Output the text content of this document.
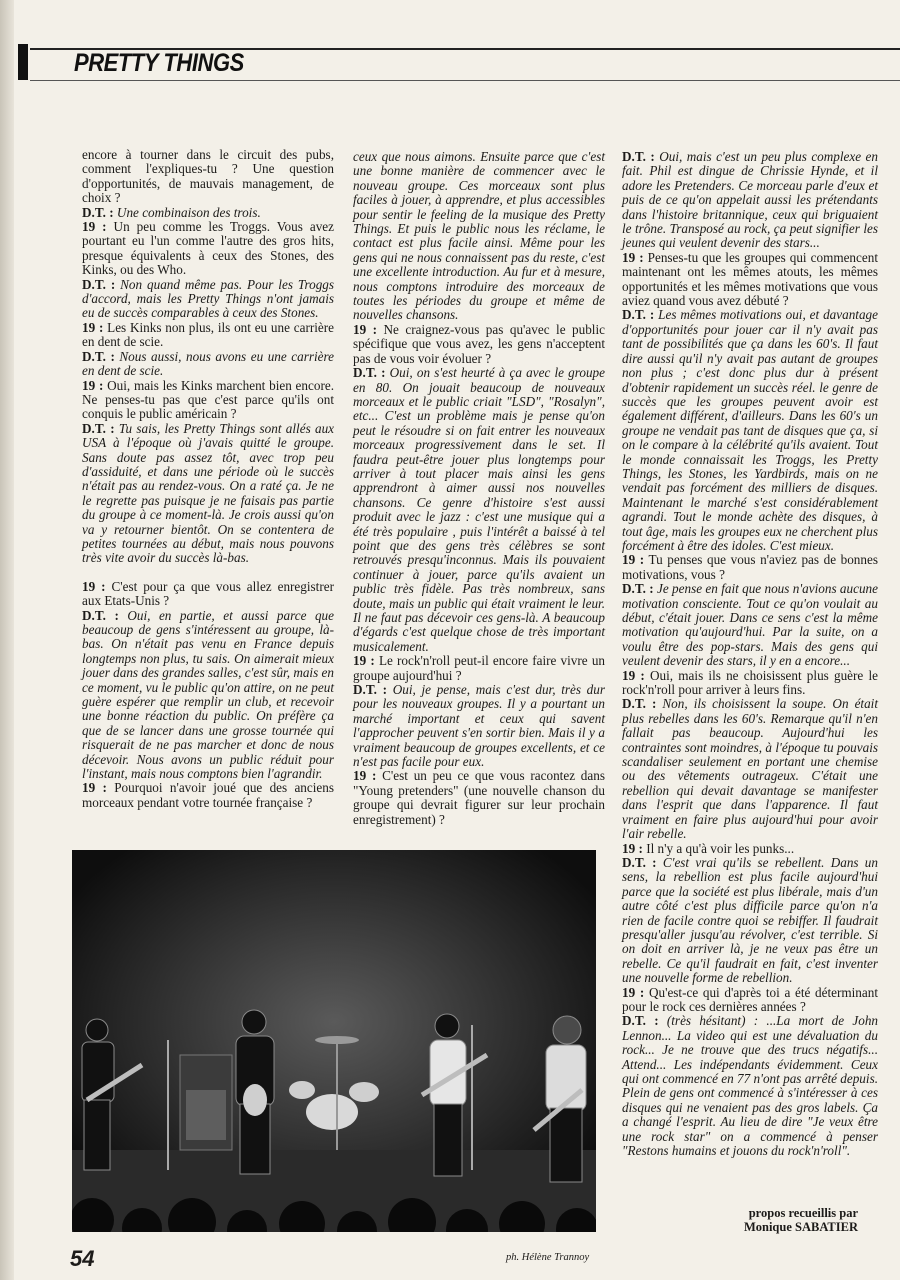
PRETTY THINGS

encore à tourner dans le circuit des pubs, comment l'expliques-tu ? Une question d'opportunités, de mauvais management, de choix ?

D.T. : Une combinaison des trois.

19 : Un peu comme les Troggs. Vous avez pourtant eu l'un comme l'autre des gros hits, presque équivalents à ceux des Stones, des Kinks, ou des Who.

D.T. : Non quand même pas. Pour les Troggs d'accord, mais les Pretty Things n'ont jamais eu de succès comparables à ceux des Stones.

19 : Les Kinks non plus, ils ont eu une carrière en dent de scie.

D.T. : Nous aussi, nous avons eu une carrière en dent de scie.

19 : Oui, mais les Kinks marchent bien encore. Ne penses-tu pas que c'est parce qu'ils ont conquis le public américain ?

D.T. : Tu sais, les Pretty Things sont allés aux USA à l'époque où j'avais quitté le groupe. Sans doute pas assez tôt, avec trop peu d'assiduité, et dans une période où le succès n'était pas au rendez-vous. On a raté ça. Je ne le regrette pas puisque je ne faisais pas partie du groupe à ce moment-là. Je crois aussi qu'on va y retourner bientôt. On se contentera de petites tournées au début, mais nous pouvons très vite avoir du succès là-bas.

19 : C'est pour ça que vous allez enregistrer aux Etats-Unis ?

D.T. : Oui, en partie, et aussi parce que beaucoup de gens s'intéressent au groupe, là-bas. On n'était pas venu en France depuis longtemps non plus, tu sais. On aimerait mieux jouer dans des grandes salles, c'est sûr, mais en ce moment, vu le public qu'on attire, on ne peut guère espérer que remplir un club, et recevoir une bonne réaction du public. On préfère ça que de se lancer dans une grosse tournée qui risquerait de ne pas marcher et donc de nous décevoir. Nous avons un public réduit pour l'instant, mais nous comptons bien l'agrandir.

19 : Pourquoi n'avoir joué que des anciens morceaux pendant votre tournée française ?

ceux que nous aimons. Ensuite parce que c'est une bonne manière de commencer avec le nouveau groupe. Ces morceaux sont plus faciles à jouer, à apprendre, et plus accessibles pour sentir le feeling de la musique des Pretty Things. Et puis le public nous les réclame, le contact est plus facile ainsi. Même pour les gens qui ne nous connaissent pas du reste, c'est une excellente introduction. Au fur et à mesure, nous comptons introduire des morceaux de toutes les périodes du groupe et même de nouvelles chansons.

19 : Ne craignez-vous pas qu'avec le public spécifique que vous avez, les gens n'acceptent pas de vous voir évoluer ?

D.T. : Oui, on s'est heurté à ça avec le groupe en 80. On jouait beaucoup de nouveaux morceaux et le public criait "LSD", "Rosalyn", etc... C'est un problème mais je pense qu'on peut le résoudre si on fait entrer les nouveaux morceaux progressivement dans le set. Il faudra peut-être jouer plus longtemps pour arriver à tout placer mais ainsi les gens apprendront à aimer aussi nos nouvelles chansons. Ce genre d'histoire s'est aussi produit avec le jazz : c'est une musique qui a été très populaire , puis l'intérêt a baissé à tel point que des gens très célèbres se sont retrouvés presqu'inconnus. Mais ils pouvaient continuer à jouer, parce qu'ils avaient un public très fidèle. Pas très nombreux, sans doute, mais un public qui était vraiment le leur. Il ne faut pas décevoir ces gens-là. A beaucoup d'égards c'est quelque chose de très important musicalement.

19 : Le rock'n'roll peut-il encore faire vivre un groupe aujourd'hui ?

D.T. : Oui, je pense, mais c'est dur, très dur pour les nouveaux groupes. Il y a pourtant un marché important et ceux qui savent l'approcher peuvent s'en sortir bien. Mais il y a vraiment beaucoup de groupes excellents, et ce n'est pas facile pour eux.

19 : C'est un peu ce que vous racontez dans "Young pretenders" (une nouvelle chanson du groupe qui devrait figurer sur leur prochain enregistrement) ?

D.T. : Oui, mais c'est un peu plus complexe en fait. Phil est dingue de Chrissie Hynde, et il adore les Pretenders. Ce morceau parle d'eux et puis de ce qu'on appelait aussi les prétendants dans l'histoire britannique, ceux qui briguaient le trône. Transposé au rock, ça peut signifier les jeunes qui veulent devenir des stars...

19 : Penses-tu que les groupes qui commencent maintenant ont les mêmes atouts, les mêmes opportunités et les mêmes motivations que vous aviez quand vous avez débuté ?

D.T. : Les mêmes motivations oui, et davantage d'opportunités pour jouer car il n'y avait pas tant de possibilités que ça dans les 60's. Il faut dire aussi qu'il n'y avait pas autant de groupes non plus ; c'est donc plus dur à présent d'obtenir rapidement un succès réel. le genre de succès que les groupes peuvent avoir est également différent, d'ailleurs. Dans les 60's un groupe ne vendait pas tant de disques que ça, si on le compare à la célébrité qu'ils avaient. Tout le monde connaissait les Troggs, les Pretty Things, les Stones, les Yardbirds, mais on ne vendait pas forcément des milliers de disques. Maintenant le marché s'est considérablement agrandi. Tout le monde achète des disques, à tout âge, mais les groupes eux ne cherchent plus forcément à être des idoles. C'est mieux.

19 : Tu penses que vous n'aviez pas de bonnes motivations, vous ?

D.T. : Je pense en fait que nous n'avions aucune motivation consciente. Tout ce qu'on voulait au début, c'était jouer. Dans ce sens c'est la même motivation qu'aujourd'hui. Par la suite, on a voulu être des pop-stars. Mais des gens qui veulent devenir des stars, il y en a encore...

19 : Oui, mais ils ne choisissent plus guère le rock'n'roll pour arriver à leurs fins.

D.T. : Non, ils choisissent la soupe. On était plus rebelles dans les 60's. Remarque qu'il n'en fallait pas beaucoup. Aujourd'hui les contraintes sont moindres, à l'époque tu pouvais scandaliser seulement en portant une chemise ou des vêtements outrageux. C'était une rebellion qui devait davantage se manifester dans l'esprit que dans l'apparence. Il faut vraiment en faire plus aujourd'hui pour avoir l'air rebelle.

19 : Il n'y a qu'à voir les punks...

D.T. : C'est vrai qu'ils se rebellent. Dans un sens, la rebellion est plus facile aujourd'hui parce que la société est plus libérale, mais d'un autre côté c'est plus difficile parce qu'on n'a rien de facile contre quoi se rebiffer. Il faudrait presqu'aller jusqu'au révolver, c'est terrible. Si on doit en arriver là, je ne veux pas être un rebelle. Ce qu'il faudrait en fait, c'est inventer une nouvelle forme de rebellion.

19 : Qu'est-ce qui d'après toi a été déterminant pour le rock ces dernières années ?

D.T. : (très hésitant) : ...La mort de John Lennon... La video qui est une dévaluation du rock... Je ne trouve que des trucs négatifs... Attend... Les indépendants évidemment. Ceux qui ont commencé en 77 n'ont pas arrêté depuis. Plein de gens ont commencé à s'intéresser à ces disques qui ne venaient pas des gros labels. Ça a changé l'esprit. Au lieu de dire "Je veux être une rock star" on a commencé à penser "Restons humains et jouons du rock'n'roll".

propos recueillis par
Monique SABATIER
54	ph. Hélène Trannoy
